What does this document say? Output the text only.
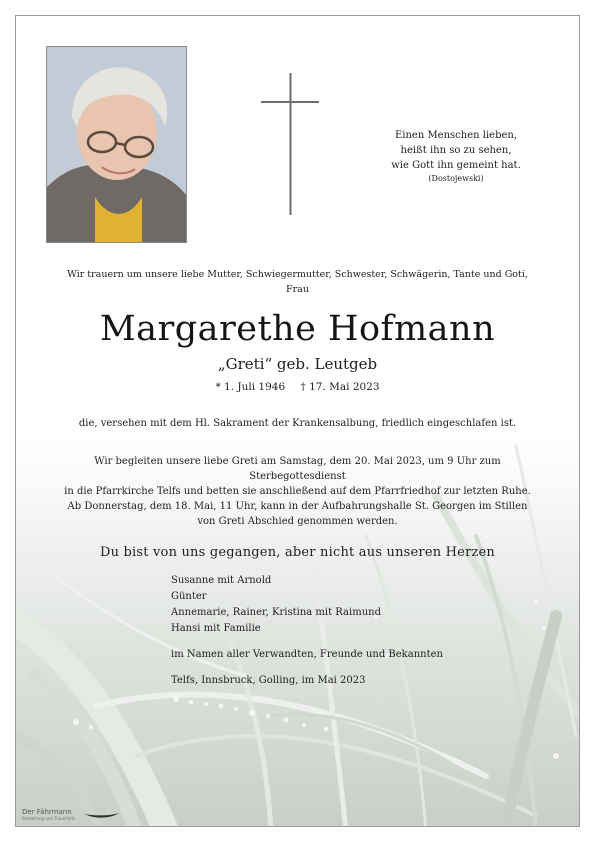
Einen Menschen lieben,
heißt ihn so zu sehen,
wie Gott ihn gemeint hat.
(Dostojewski)
Wir trauern um unsere liebe Mutter, Schwiegermutter, Schwester, Schwägerin, Tante und Goti,
Frau
Margarethe Hofmann
„Greti“ geb. Leutgeb
* 1. Juli 1946 † 17. Mai 2023
die, versehen mit dem Hl. Sakrament der Krankensalbung, friedlich eingeschlafen ist.
Wir begleiten unsere liebe Greti am Samstag, dem 20. Mai 2023, um 9 Uhr zum Sterbegottesdienst
in die Pfarrkirche Telfs und betten sie anschließend auf dem Pfarrfriedhof zur letzten Ruhe.
Ab Donnerstag, dem 18. Mai, 11 Uhr, kann in der Aufbahrungshalle St. Georgen im Stillen
von Greti Abschied genommen werden.
Du bist von uns gegangen, aber nicht aus unseren Herzen
Susanne mit Arnold
Günter
Annemarie, Rainer, Kristina mit Raimund
Hansi mit Familie
im Namen aller Verwandten, Freunde und Bekannten
Telfs, Innsbruck, Golling, im Mai 2023
Der Fährmann
Bestattung und Trauerhilfe
